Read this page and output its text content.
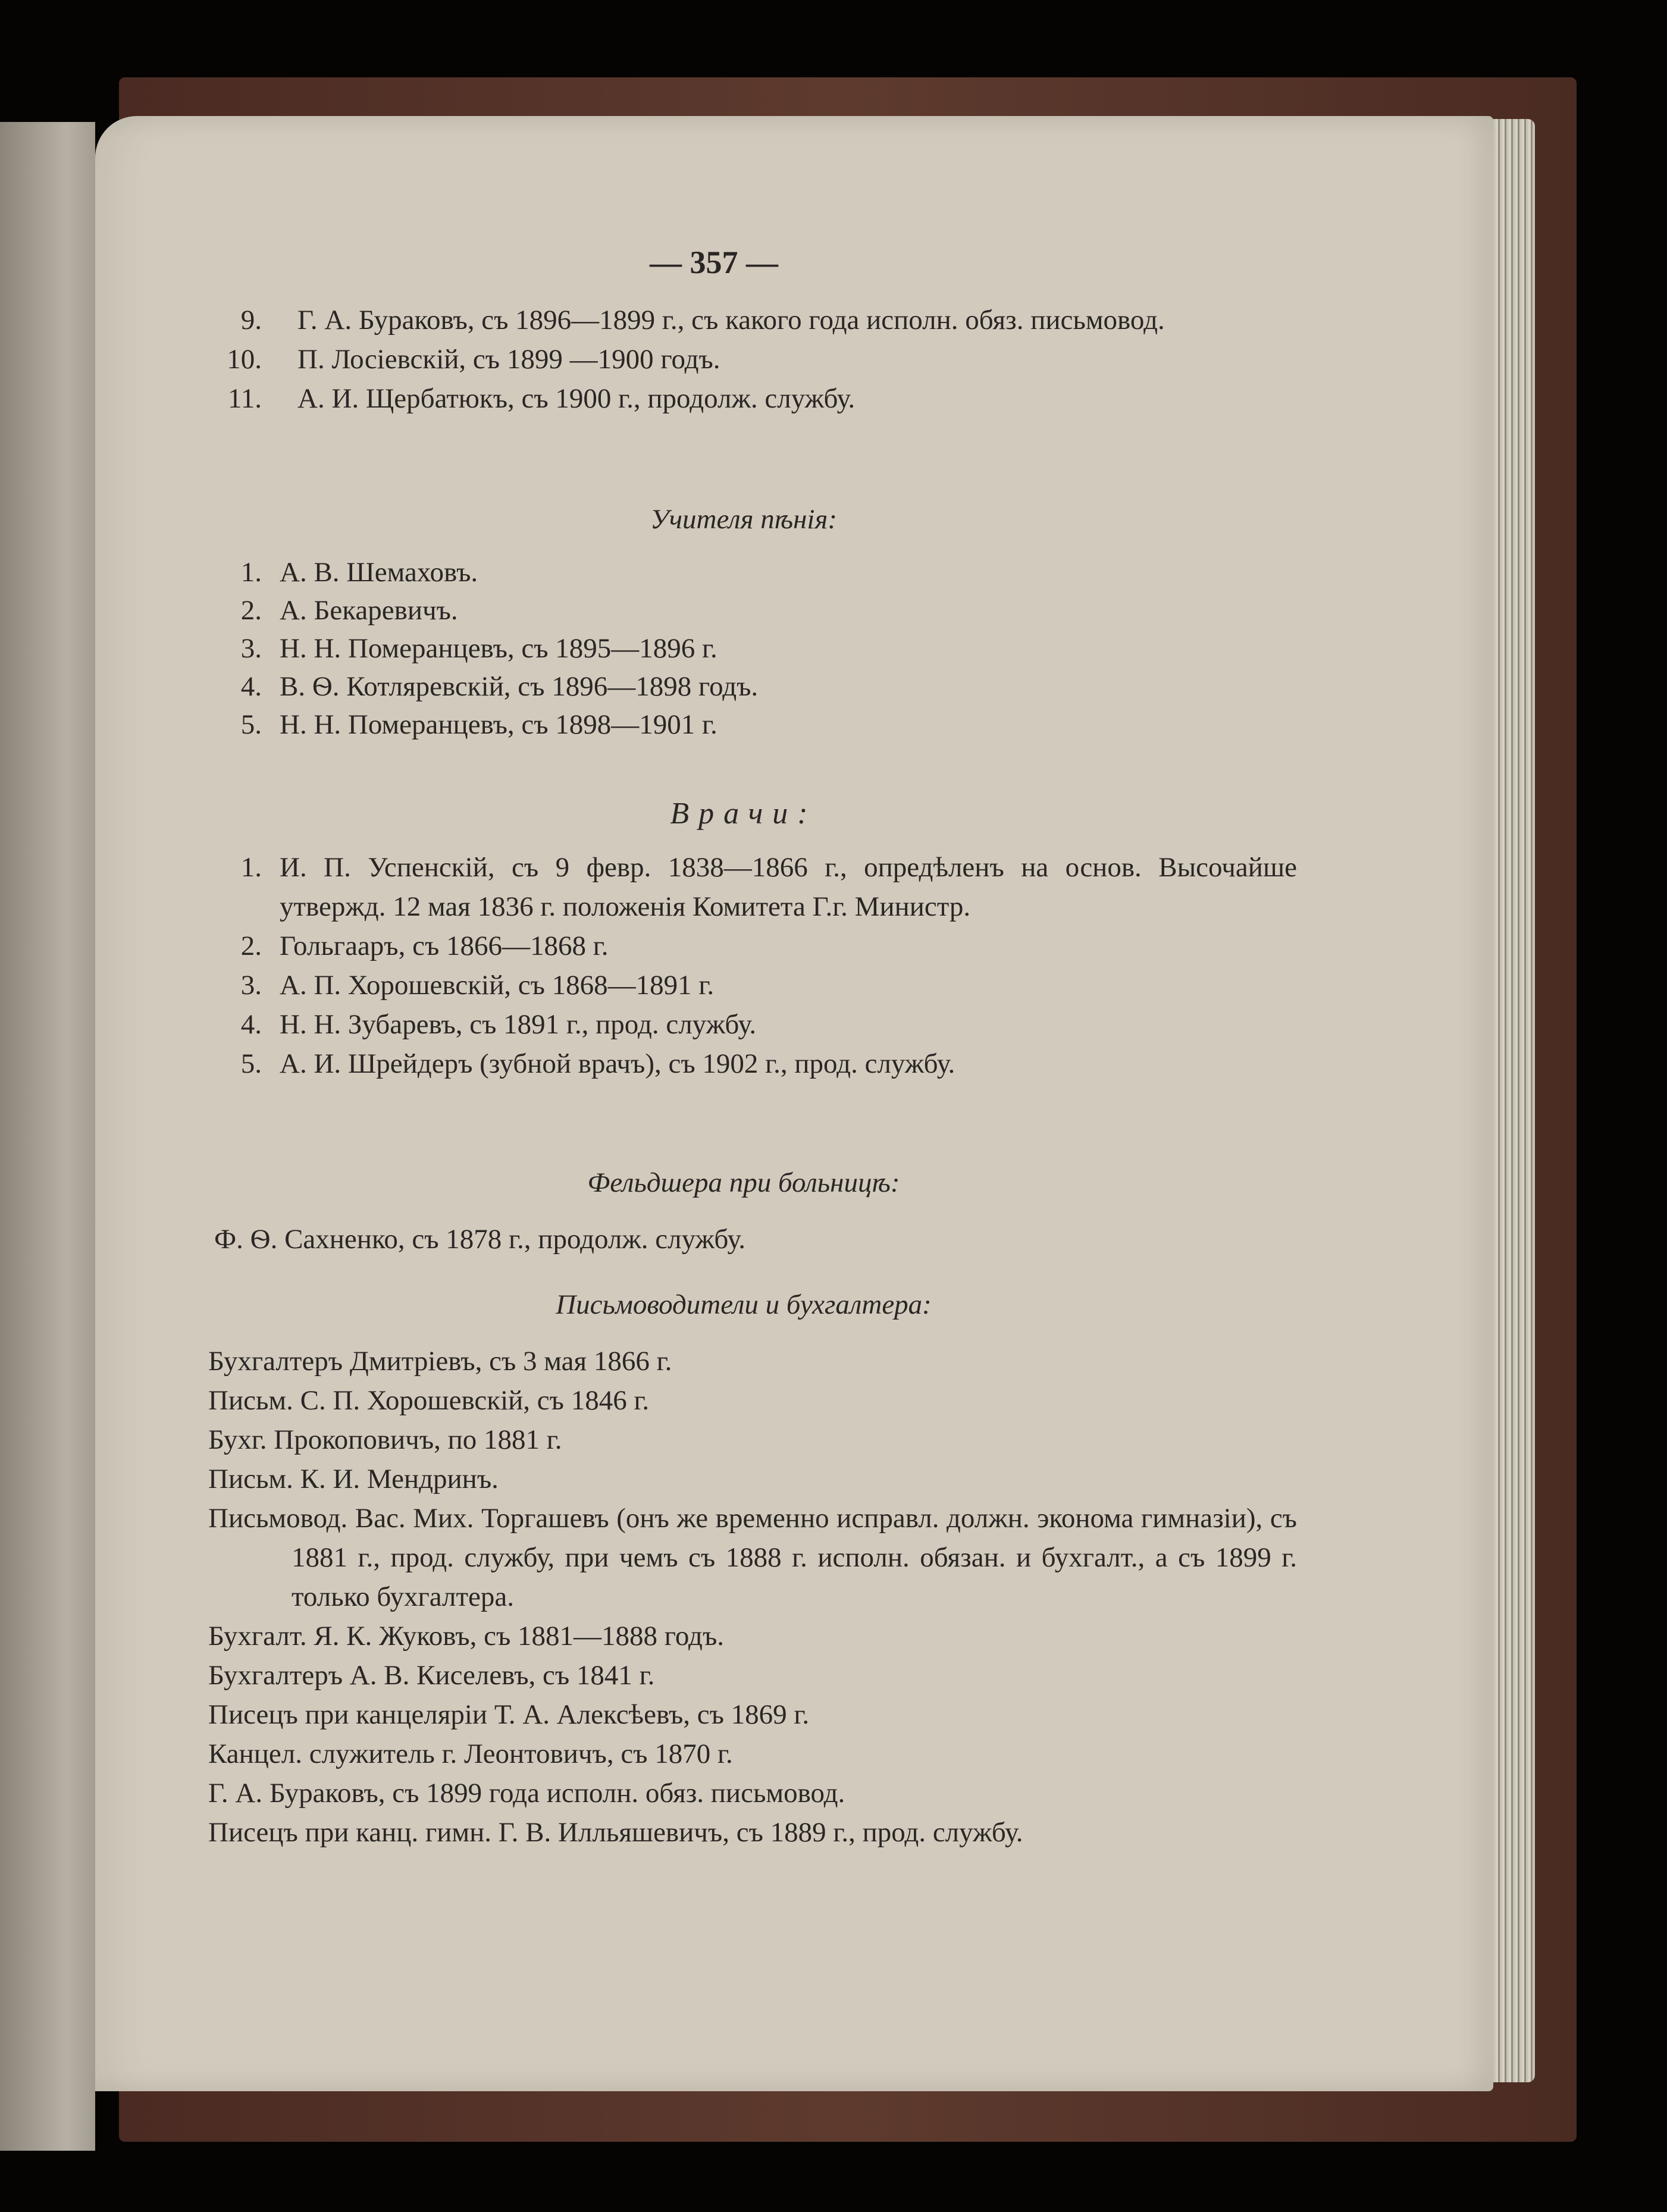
— 357 —
9. Г. А. Бураковъ, съ 1896—1899 г., съ какого года исполн. обяз. письмовод.
10. П. Лосіевскій, съ 1899 —1900 годъ.
11. А. И. Щербатюкъ, съ 1900 г., продолж. службу.
Учителя пѣнія:
1. А. В. Шемаховъ.
2. А. Бекаревичъ.
3. Н. Н. Померанцевъ, съ 1895—1896 г.
4. В. Ѳ. Котляревскій, съ 1896—1898 годъ.
5. Н. Н. Померанцевъ, съ 1898—1901 г.
Врачи:
1. И. П. Успенскій, съ 9 февр. 1838—1866 г., опредѣленъ на основ. Высочайше утвержд. 12 мая 1836 г. положенія Комитета Г.г. Министр.
2. Гольгааръ, съ 1866—1868 г.
3. А. П. Хорошевскій, съ 1868—1891 г.
4. Н. Н. Зубаревъ, съ 1891 г., прод. службу.
5. А. И. Шрейдеръ (зубной врачъ), съ 1902 г., прод. службу.
Фельдшера при больницѣ:
Ф. Ѳ. Сахненко, съ 1878 г., продолж. службу.
Письмоводители и бухгалтера:
Бухгалтеръ Дмитріевъ, съ 3 мая 1866 г.
Письм. С. П. Хорошевскій, съ 1846 г.
Бухг. Прокоповичъ, по 1881 г.
Письм. К. И. Мендринъ.
Письмовод. Вас. Мих. Торгашевъ (онъ же временно исправл. должн. эконома гимназіи), съ 1881 г., прод. службу, при чемъ съ 1888 г. исполн. обязан. и бухгалт., а съ 1899 г. только бухгалтера.
Бухгалт. Я. К. Жуковъ, съ 1881—1888 годъ.
Бухгалтеръ А. В. Киселевъ, съ 1841 г.
Писецъ при канцеляріи Т. А. Алексѣевъ, съ 1869 г.
Канцел. служитель г. Леонтовичъ, съ 1870 г.
Г. А. Бураковъ, съ 1899 года исполн. обяз. письмовод.
Писецъ при канц. гимн. Г. В. Илльяшевичъ, съ 1889 г., прод. службу.
